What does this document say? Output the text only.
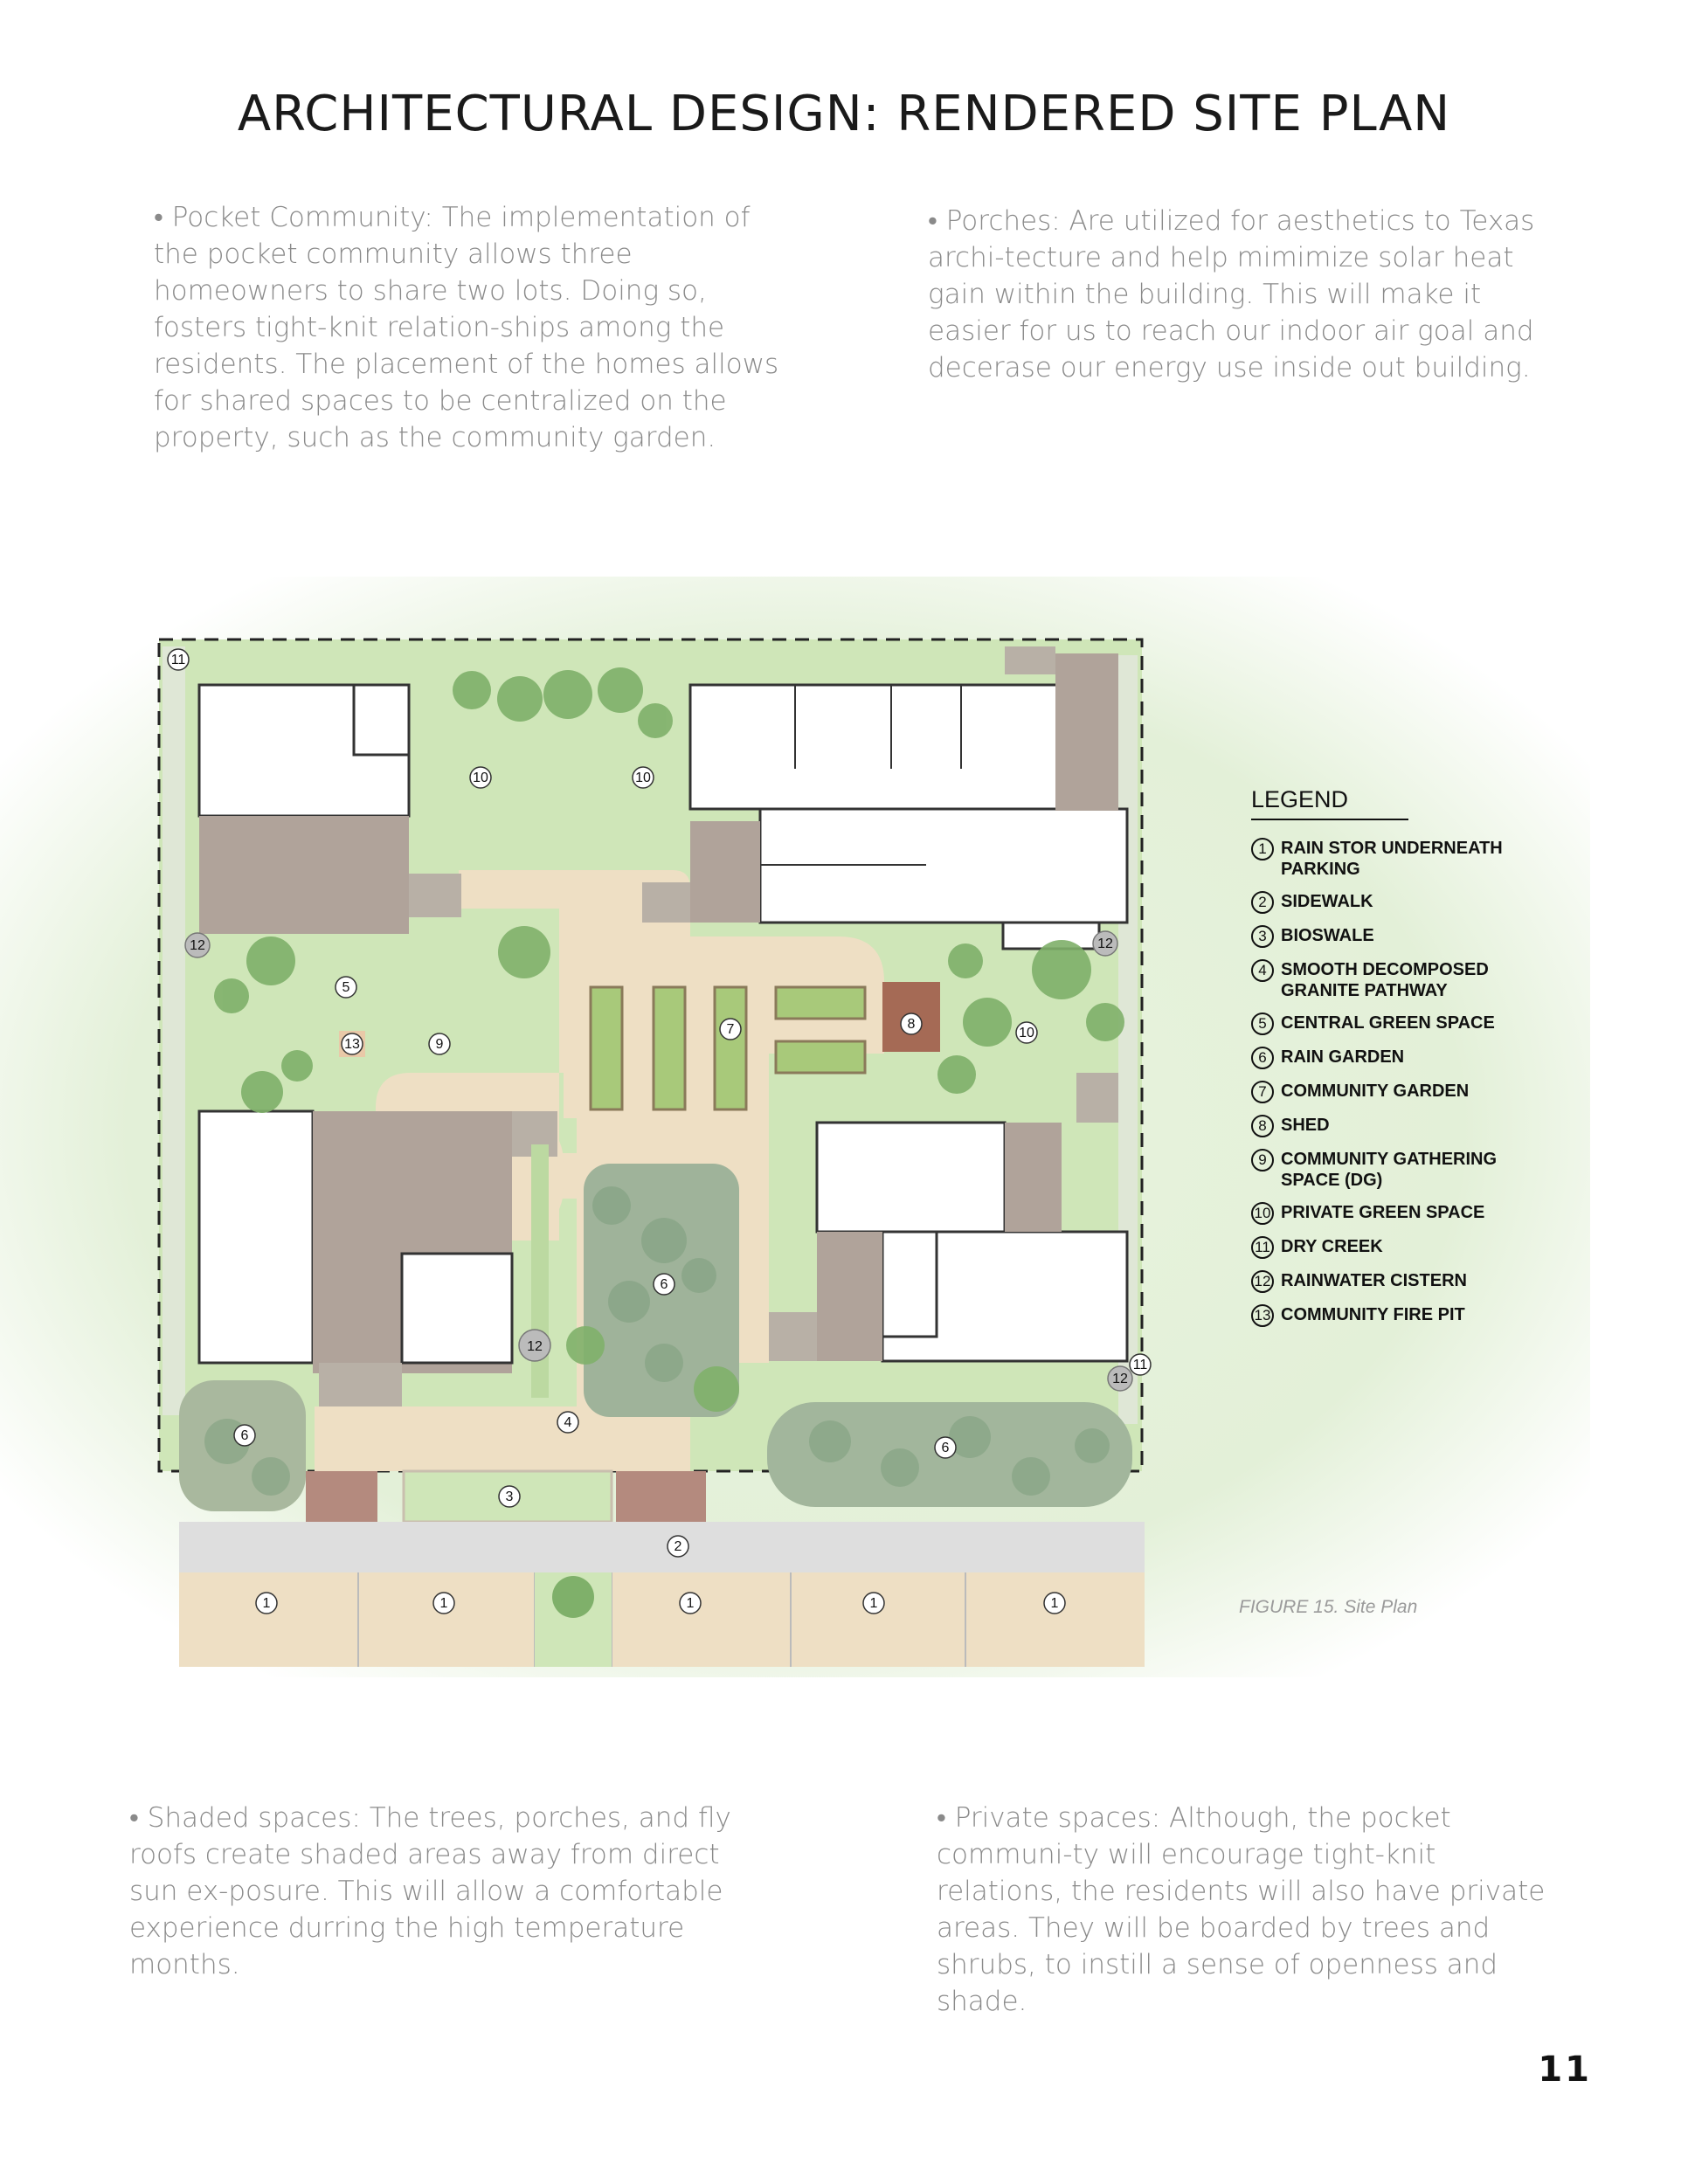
ARCHITECTURAL DESIGN: RENDERED SITE PLAN
• Pocket Community: The implementation of the pocket community allows three homeowners to share two lots. Doing so, fosters tight-knit relation-ships among the residents. The placement of the homes allows for shared spaces to be centralized on the property, such as the community garden.
• Porches: Are utilized for aesthetics to Texas archi-tecture and help mimimize solar heat gain within the building. This will make it easier for us to reach our indoor air goal and decerase our energy use inside out building.
11
10	10
12	12
5
7	8
10
13	9
6
12
12
11
4
6
6
3
2
1	1	1	1	1
LEGEND
1 RAIN STOR UNDERNEATH PARKING
2 SIDEWALK
3 BIOSWALE
4 SMOOTH DECOMPOSED GRANITE PATHWAY
5 CENTRAL GREEN SPACE
6 RAIN GARDEN
7 COMMUNITY GARDEN
8 SHED
9 COMMUNITY GATHERING SPACE (DG)
10 PRIVATE GREEN SPACE
11 DRY CREEK
12 RAINWATER CISTERN
13 COMMUNITY FIRE PIT
FIGURE 15. Site Plan
• Shaded spaces: The trees, porches, and fly roofs create shaded areas away from direct sun ex-posure. This will allow a comfortable experience durring the high temperature months.
• Private spaces: Although, the pocket communi-ty will encourage tight-knit relations, the residents will also have private areas. They will be boarded by trees and shrubs, to instill a sense of openness and shade.
11
